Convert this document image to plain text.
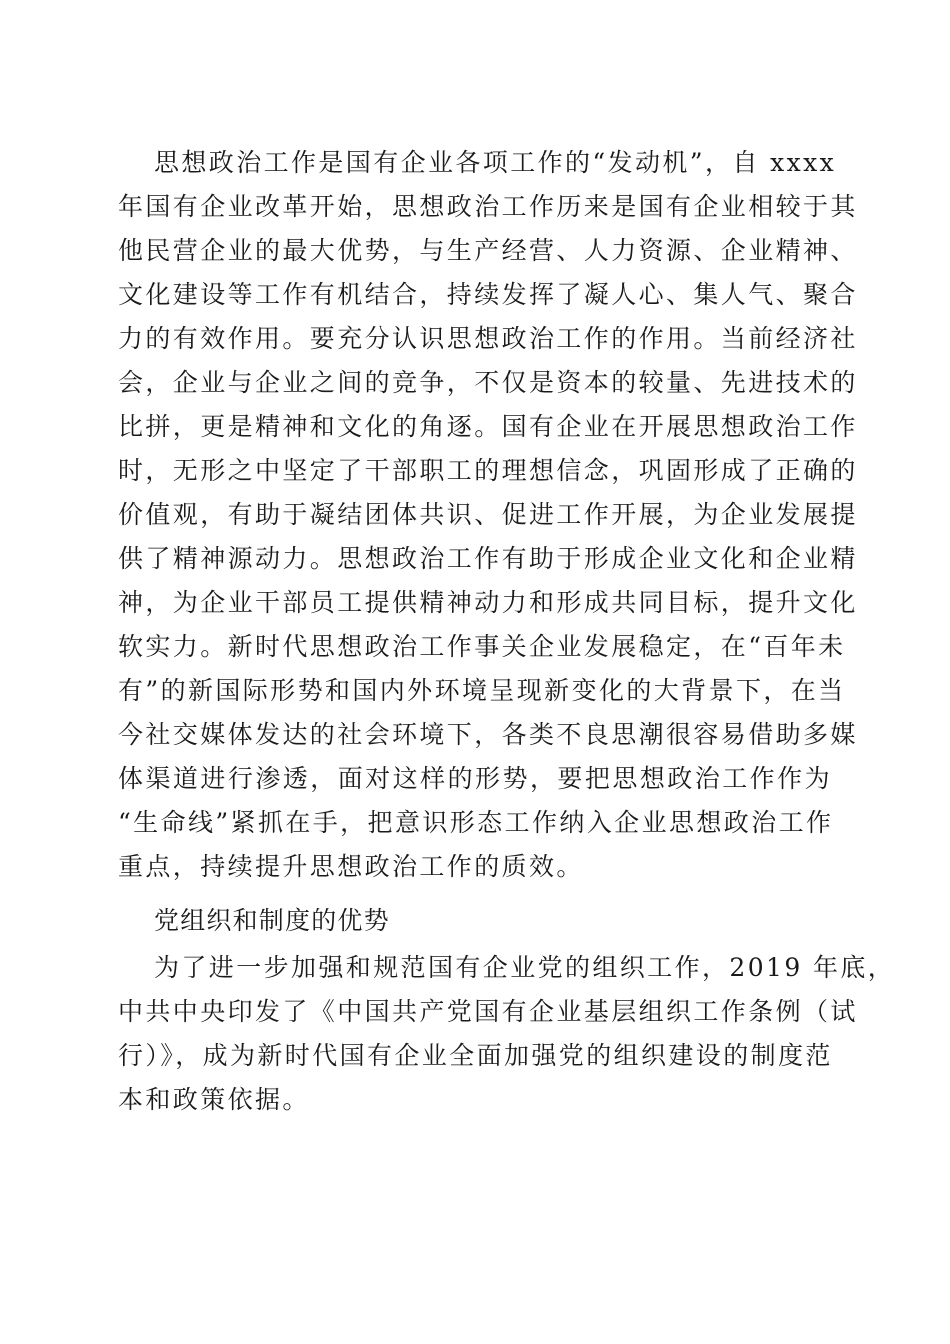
思想政治工作是国有企业各项工作的“发动机”，自 xxxx
年国有企业改革开始，思想政治工作历来是国有企业相较于其
他民营企业的最大优势，与生产经营、人力资源、企业精神、
文化建设等工作有机结合，持续发挥了凝人心、集人气、聚合
力的有效作用。要充分认识思想政治工作的作用。当前经济社
会，企业与企业之间的竞争，不仅是资本的较量、先进技术的
比拼，更是精神和文化的角逐。国有企业在开展思想政治工作
时，无形之中坚定了干部职工的理想信念，巩固形成了正确的
价值观，有助于凝结团体共识、促进工作开展，为企业发展提
供了精神源动力。思想政治工作有助于形成企业文化和企业精
神，为企业干部员工提供精神动力和形成共同目标，提升文化
软实力。新时代思想政治工作事关企业发展稳定，在“百年未
有”的新国际形势和国内外环境呈现新变化的大背景下，在当
今社交媒体发达的社会环境下，各类不良思潮很容易借助多媒
体渠道进行渗透，面对这样的形势，要把思想政治工作作为
“生命线”紧抓在手，把意识形态工作纳入企业思想政治工作
重点，持续提升思想政治工作的质效。
党组织和制度的优势
为了进一步加强和规范国有企业党的组织工作，2019 年底，
中共中央印发了《中国共产党国有企业基层组织工作条例（试
行）》，成为新时代国有企业全面加强党的组织建设的制度范
本和政策依据。
